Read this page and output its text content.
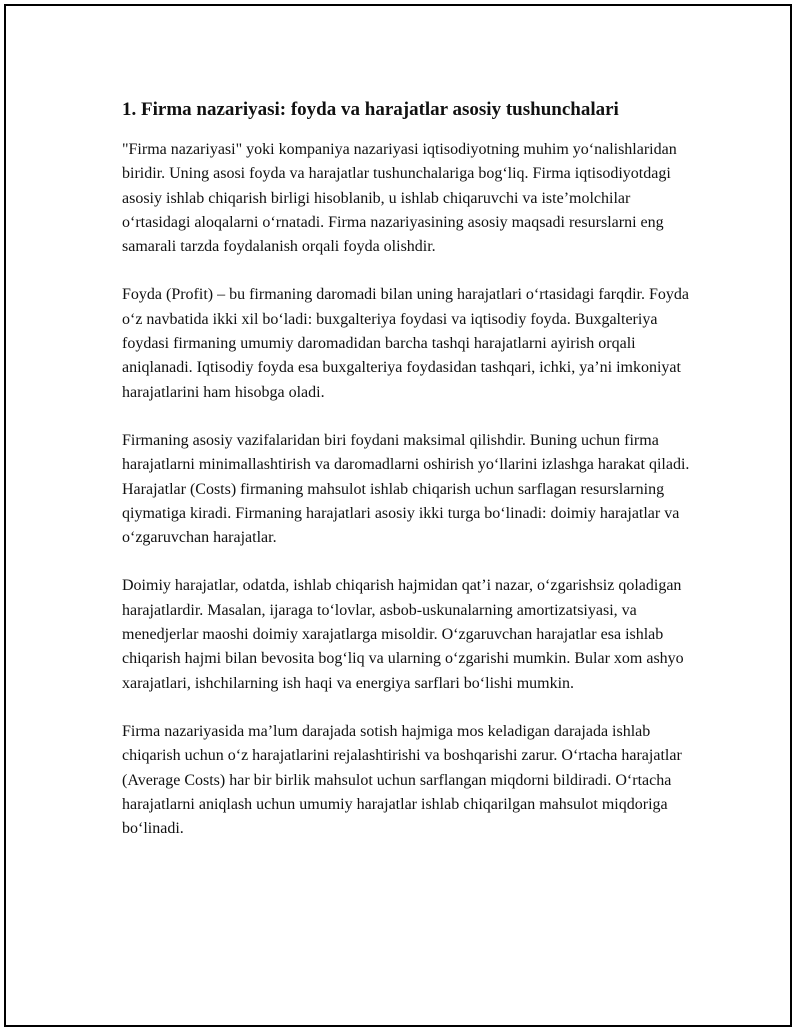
1. Firma nazariyasi: foyda va harajatlar asosiy tushunchalari

"Firma nazariyasi" yoki kompaniya nazariyasi iqtisodiyotning muhim yo‘nalishlaridan biridir. Uning asosi foyda va harajatlar tushunchalariga bog‘liq. Firma iqtisodiyotdagi asosiy ishlab chiqarish birligi hisoblanib, u ishlab chiqaruvchi va iste’molchilar o‘rtasidagi aloqalarni o‘rnatadi. Firma nazariyasining asosiy maqsadi resurslarni eng samarali tarzda foydalanish orqali foyda olishdir.

Foyda (Profit) – bu firmaning daromadi bilan uning harajatlari o‘rtasidagi farqdir. Foyda o‘z navbatida ikki xil bo‘ladi: buxgalteriya foydasi va iqtisodiy foyda. Buxgalteriya foydasi firmaning umumiy daromadidan barcha tashqi harajatlarni ayirish orqali aniqlanadi. Iqtisodiy foyda esa buxgalteriya foydasidan tashqari, ichki, ya’ni imkoniyat harajatlarini ham hisobga oladi.

Firmaning asosiy vazifalaridan biri foydani maksimal qilishdir. Buning uchun firma harajatlarni minimallashtirish va daromadlarni oshirish yo‘llarini izlashga harakat qiladi. Harajatlar (Costs) firmaning mahsulot ishlab chiqarish uchun sarflagan resurslarning qiymatiga kiradi. Firmaning harajatlari asosiy ikki turga bo‘linadi: doimiy harajatlar va o‘zgaruvchan harajatlar.

Doimiy harajatlar, odatda, ishlab chiqarish hajmidan qat’i nazar, o‘zgarishsiz qoladigan harajatlardir. Masalan, ijaraga to‘lovlar, asbob-uskunalarning amortizatsiyasi, va menedjerlar maoshi doimiy xarajatlarga misoldir. O‘zgaruvchan harajatlar esa ishlab chiqarish hajmi bilan bevosita bog‘liq va ularning o‘zgarishi mumkin. Bular xom ashyo xarajatlari, ishchilarning ish haqi va energiya sarflari bo‘lishi mumkin.

Firma nazariyasida ma’lum darajada sotish hajmiga mos keladigan darajada ishlab chiqarish uchun o‘z harajatlarini rejalashtirishi va boshqarishi zarur. O‘rtacha harajatlar (Average Costs) har bir birlik mahsulot uchun sarflangan miqdorni bildiradi. O‘rtacha harajatlarni aniqlash uchun umumiy harajatlar ishlab chiqarilgan mahsulot miqdoriga bo‘linadi.
